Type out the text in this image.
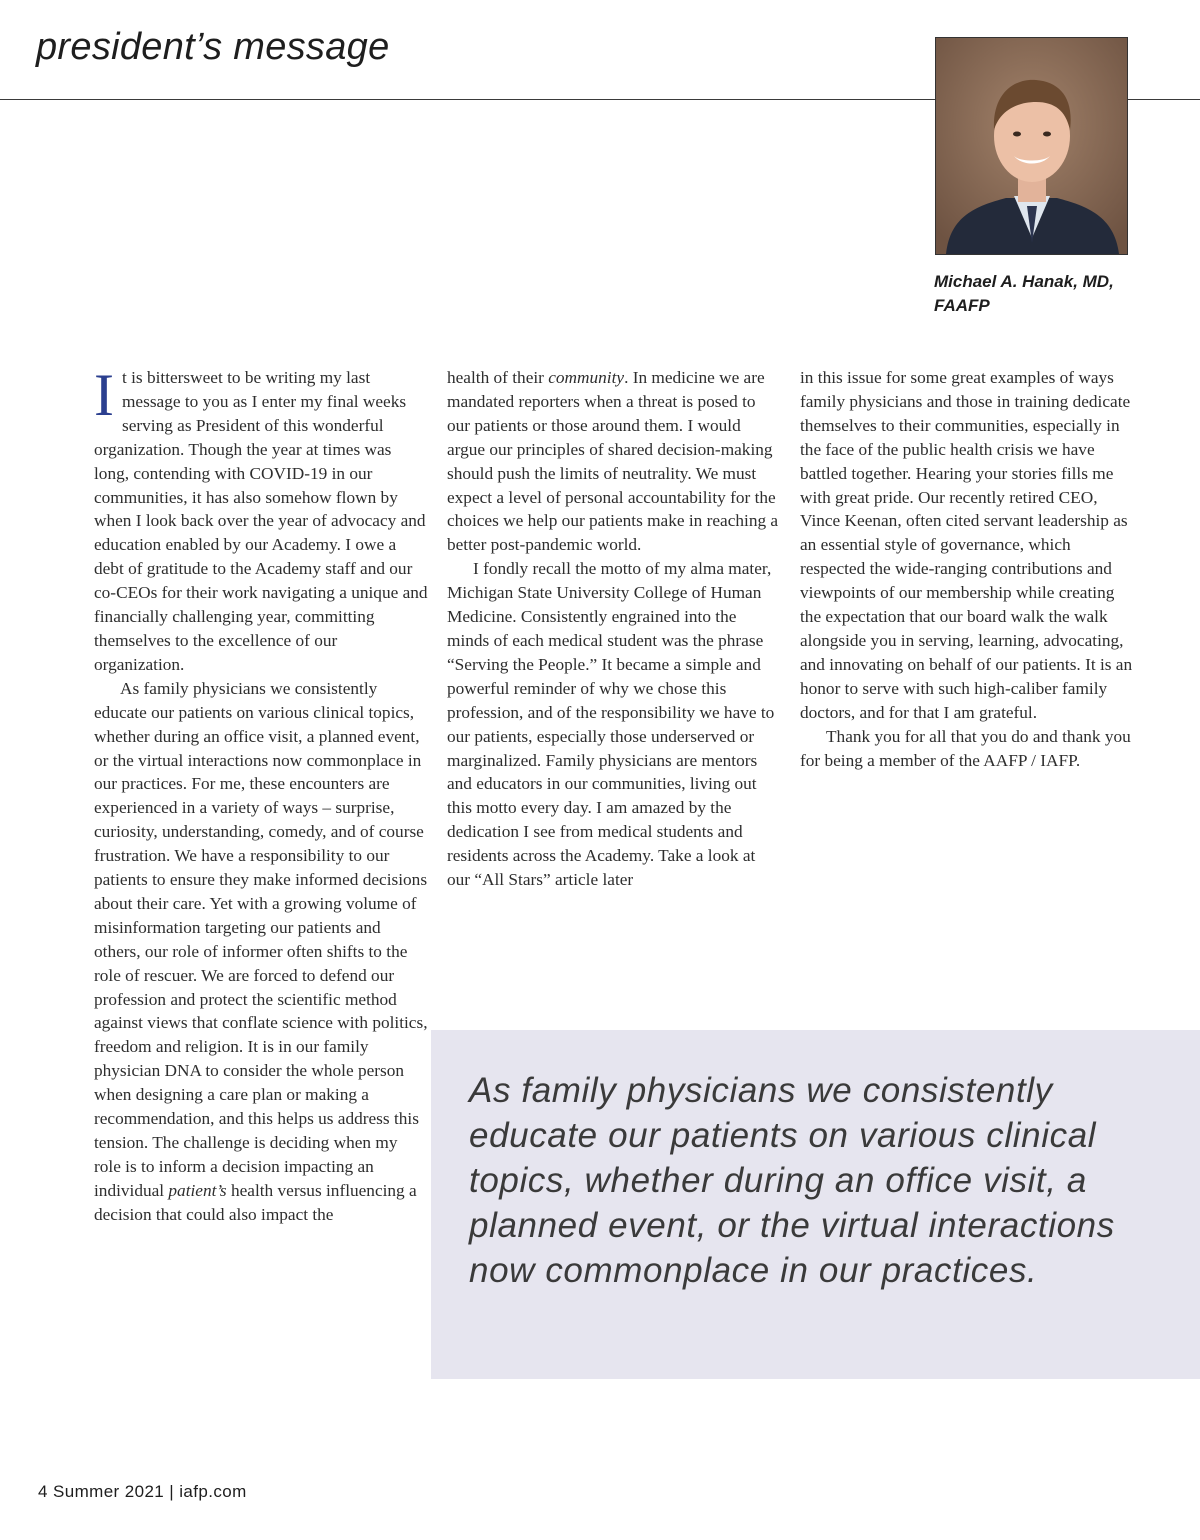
president’s message
Michael A. Hanak, MD, FAAFP

It is bittersweet to be writing my last message to you as I enter my final weeks serving as President of this wonderful organization. Though the year at times was long, contending with COVID-19 in our communities, it has also somehow flown by when I look back over the year of advocacy and education enabled by our Academy. I owe a debt of gratitude to the Academy staff and our co-CEOs for their work navigating a unique and financially challenging year, committing themselves to the excellence of our organization.

As family physicians we consistently educate our patients on various clinical topics, whether during an office visit, a planned event, or the virtual interactions now commonplace in our practices. For me, these encounters are experienced in a variety of ways – surprise, curiosity, understanding, comedy, and of course frustration. We have a responsibility to our patients to ensure they make informed decisions about their care. Yet with a growing volume of misinformation targeting our patients and others, our role of informer often shifts to the role of rescuer. We are forced to defend our profession and protect the scientific method against views that conflate science with politics, freedom and religion. It is in our family physician DNA to consider the whole person when designing a care plan or making a recommendation, and this helps us address this tension. The challenge is deciding when my role is to inform a decision impacting an individual patient’s health versus influencing a decision that could also impact the

health of their community. In medicine we are mandated reporters when a threat is posed to our patients or those around them. I would argue our principles of shared decision-making should push the limits of neutrality. We must expect a level of personal accountability for the choices we help our patients make in reaching a better post-pandemic world.

I fondly recall the motto of my alma mater, Michigan State University College of Human Medicine. Consistently engrained into the minds of each medical student was the phrase “Serving the People.” It became a simple and powerful reminder of why we chose this profession, and of the responsibility we have to our patients, especially those underserved or marginalized. Family physicians are mentors and educators in our communities, living out this motto every day. I am amazed by the dedication I see from medical students and residents across the Academy. Take a look at our “All Stars” article later

in this issue for some great examples of ways family physicians and those in training dedicate themselves to their communities, especially in the face of the public health crisis we have battled together. Hearing your stories fills me with great pride. Our recently retired CEO, Vince Keenan, often cited servant leadership as an essential style of governance, which respected the wide-ranging contributions and viewpoints of our membership while creating the expectation that our board walk the walk alongside you in serving, learning, advocating, and innovating on behalf of our patients. It is an honor to serve with such high-caliber family doctors, and for that I am grateful.

Thank you for all that you do and thank you for being a member of the AAFP / IAFP.

As family physicians we consistently educate our patients on various clinical topics, whether during an office visit, a planned event, or the virtual interactions now commonplace in our practices.

4 Summer 2021 | iafp.com
